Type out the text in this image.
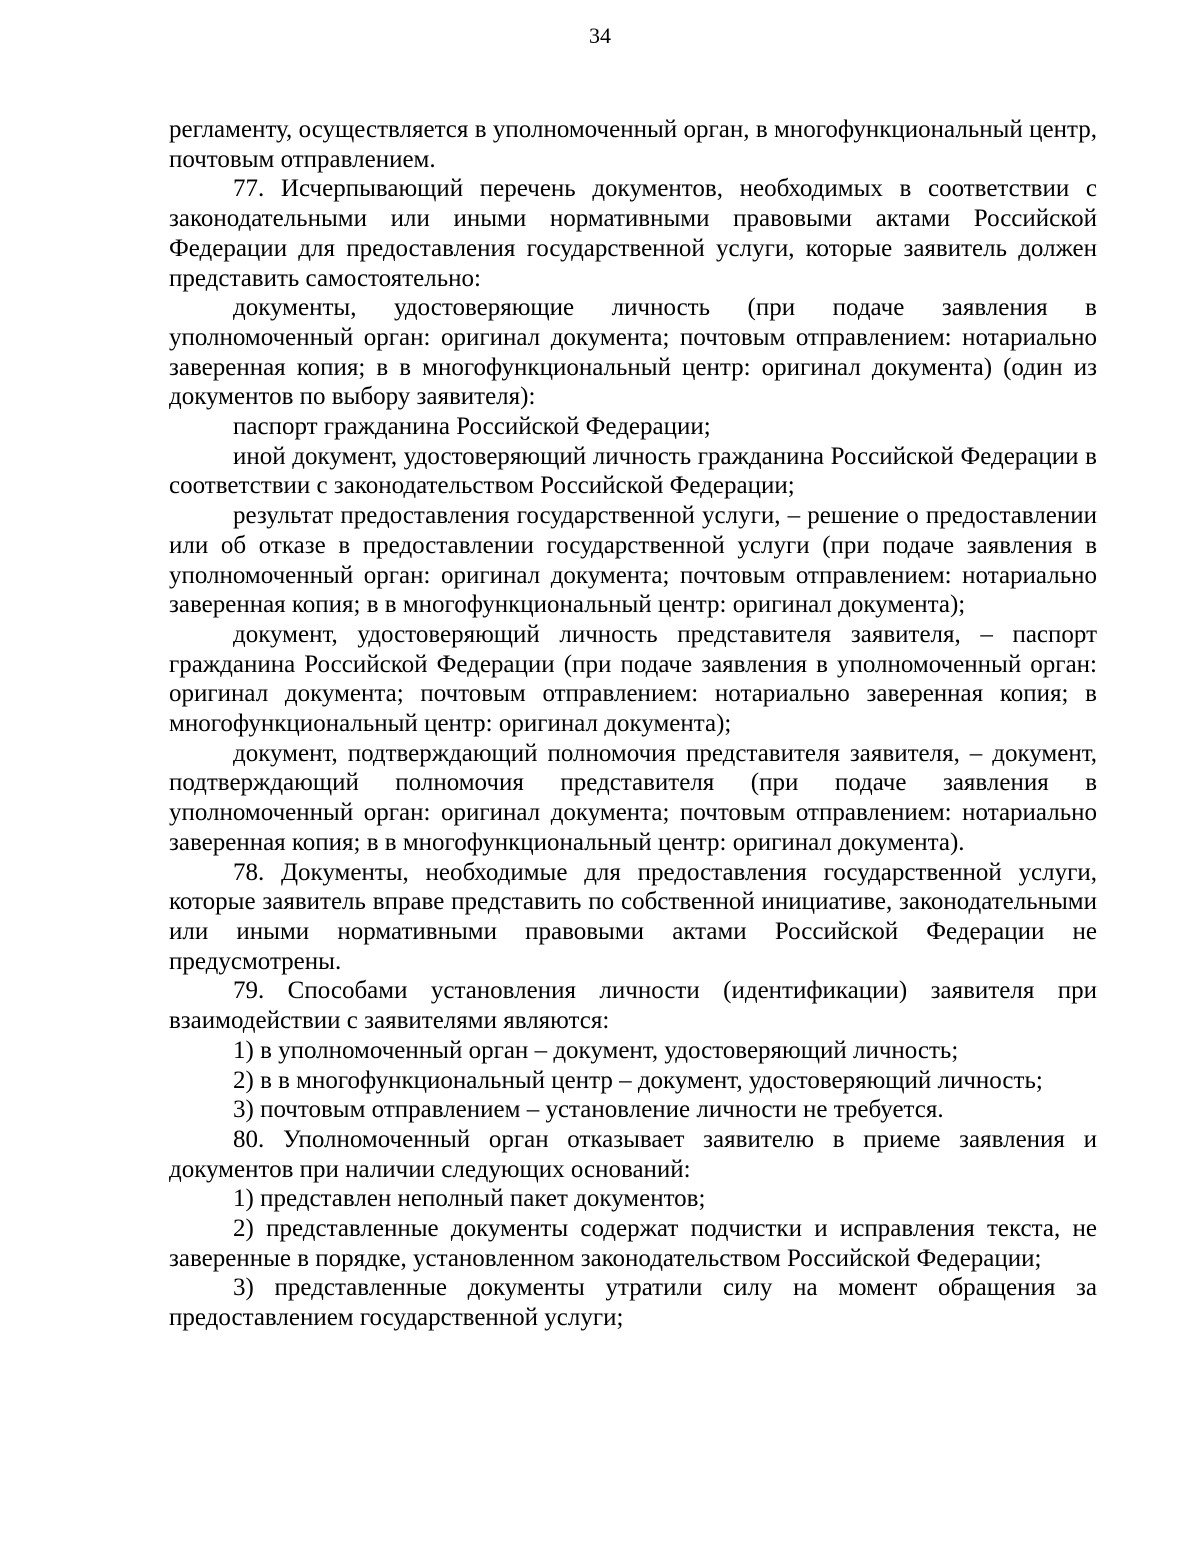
34

регламенту, осуществляется в уполномоченный орган, в многофункциональный центр, почтовым отправлением.

77. Исчерпывающий перечень документов, необходимых в соответствии с законодательными или иными нормативными правовыми актами Российской Федерации для предоставления государственной услуги, которые заявитель должен представить самостоятельно:

документы, удостоверяющие личность (при подаче заявления в уполномоченный орган: оригинал документа; почтовым отправлением: нотариально заверенная копия; в в многофункциональный центр: оригинал документа) (один из документов по выбору заявителя):

паспорт гражданина Российской Федерации;

иной документ, удостоверяющий личность гражданина Российской Федерации в соответствии с законодательством Российской Федерации;

результат предоставления государственной услуги, – решение о предоставлении или об отказе в предоставлении государственной услуги (при подаче заявления в уполномоченный орган: оригинал документа; почтовым отправлением: нотариально заверенная копия; в в многофункциональный центр: оригинал документа);

документ, удостоверяющий личность представителя заявителя, – паспорт гражданина Российской Федерации (при подаче заявления в уполномоченный орган: оригинал документа; почтовым отправлением: нотариально заверенная копия; в многофункциональный центр: оригинал документа);

документ, подтверждающий полномочия представителя заявителя, – документ, подтверждающий полномочия представителя (при подаче заявления в уполномоченный орган: оригинал документа; почтовым отправлением: нотариально заверенная копия; в в многофункциональный центр: оригинал документа).

78. Документы, необходимые для предоставления государственной услуги, которые заявитель вправе представить по собственной инициативе, законодательными или иными нормативными правовыми актами Российской Федерации не предусмотрены.

79. Способами установления личности (идентификации) заявителя при взаимодействии с заявителями являются:

1) в уполномоченный орган – документ, удостоверяющий личность;

2) в в многофункциональный центр – документ, удостоверяющий личность;

3) почтовым отправлением – установление личности не требуется.

80. Уполномоченный орган отказывает заявителю в приеме заявления и документов при наличии следующих оснований:

1) представлен неполный пакет документов;

2) представленные документы содержат подчистки и исправления текста, не заверенные в порядке, установленном законодательством Российской Федерации;

3) представленные документы утратили силу на момент обращения за предоставлением государственной услуги;
